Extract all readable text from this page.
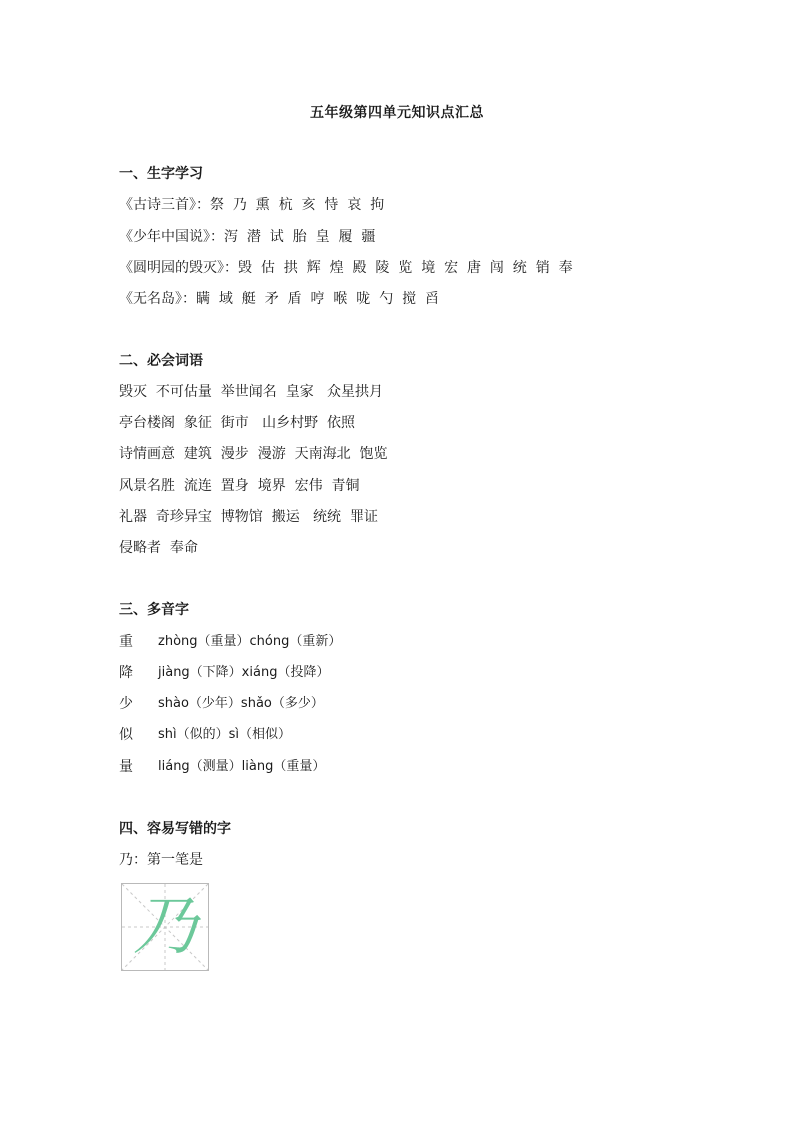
五年级第四单元知识点汇总
一、生字学习
《古诗三首》：祭  乃  熏  杭  亥  恃  哀  拘
《少年中国说》：泻  潜  试  胎  皇  履  疆
《圆明园的毁灭》：毁  估  拱  辉  煌  殿  陵  览  境  宏  唐  闯  统  销  奉
《无名岛》：瞒  域  艇  矛  盾  哼  喉  咙  勺  搅  舀
二、必会词语
毁灭  不可估量  举世闻名  皇家   众星拱月
亭台楼阁  象征  街市   山乡村野  依照
诗情画意  建筑  漫步  漫游  天南海北  饱览
风景名胜  流连  置身  境界  宏伟  青铜
礼器  奇珍异宝  博物馆  搬运   统统  罪证
侵略者  奉命
三、多音字
重 zhòng（重量）chóng（重新）
降 jiàng（下降）xiáng（投降）
少 shào（少年）shǎo（多少）
似 shì（似的）sì（相似）
量 liáng（测量）liàng（重量）
四、容易写错的字
乃：第一笔是
乃
